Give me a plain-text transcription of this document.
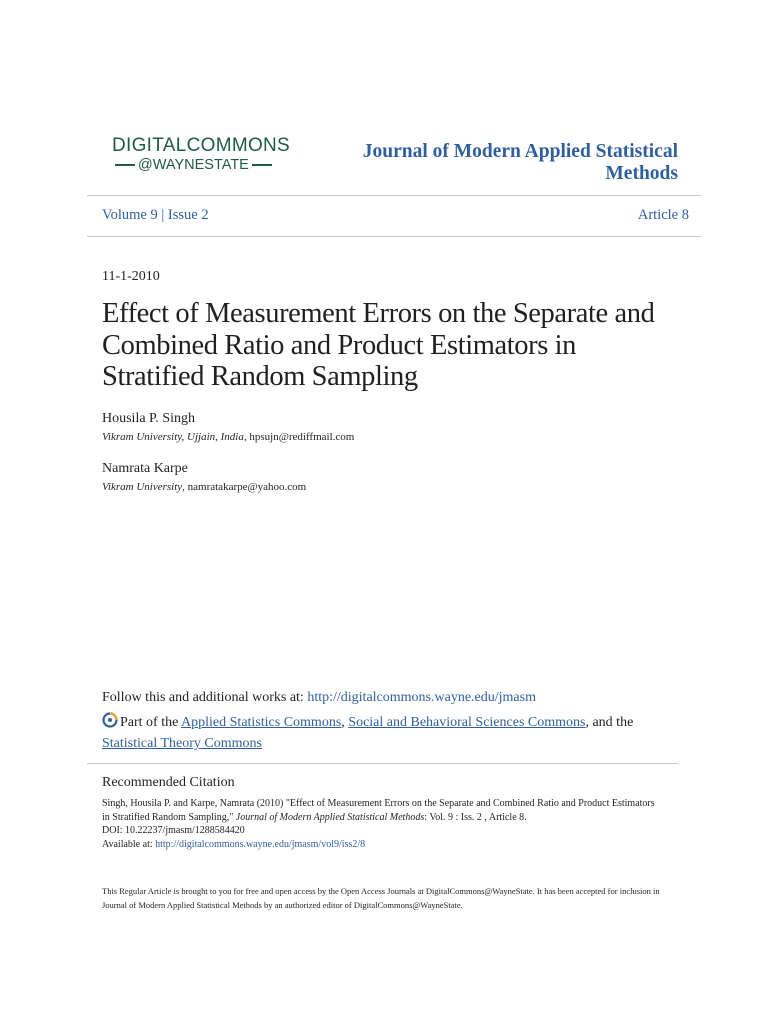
DIGITALCOMMONS
@WAYNESTATE
Journal of Modern Applied Statistical Methods
Volume 9 | Issue 2	Article 8
11-1-2010
Effect of Measurement Errors on the Separate and Combined Ratio and Product Estimators in Stratified Random Sampling
Housila P. Singh
Vikram University, Ujjain, India, hpsujn@rediffmail.com
Namrata Karpe
Vikram University, namratakarpe@yahoo.com
Follow this and additional works at: http://digitalcommons.wayne.edu/jmasm
Part of the Applied Statistics Commons, Social and Behavioral Sciences Commons, and the
Statistical Theory Commons
Recommended Citation
Singh, Housila P. and Karpe, Namrata (2010) "Effect of Measurement Errors on the Separate and Combined Ratio and Product Estimators in Stratified Random Sampling," Journal of Modern Applied Statistical Methods: Vol. 9 : Iss. 2 , Article 8.
DOI: 10.22237/jmasm/1288584420
Available at: http://digitalcommons.wayne.edu/jmasm/vol9/iss2/8
This Regular Article is brought to you for free and open access by the Open Access Journals at DigitalCommons@WayneState. It has been accepted for inclusion in Journal of Modern Applied Statistical Methods by an authorized editor of DigitalCommons@WayneState.
